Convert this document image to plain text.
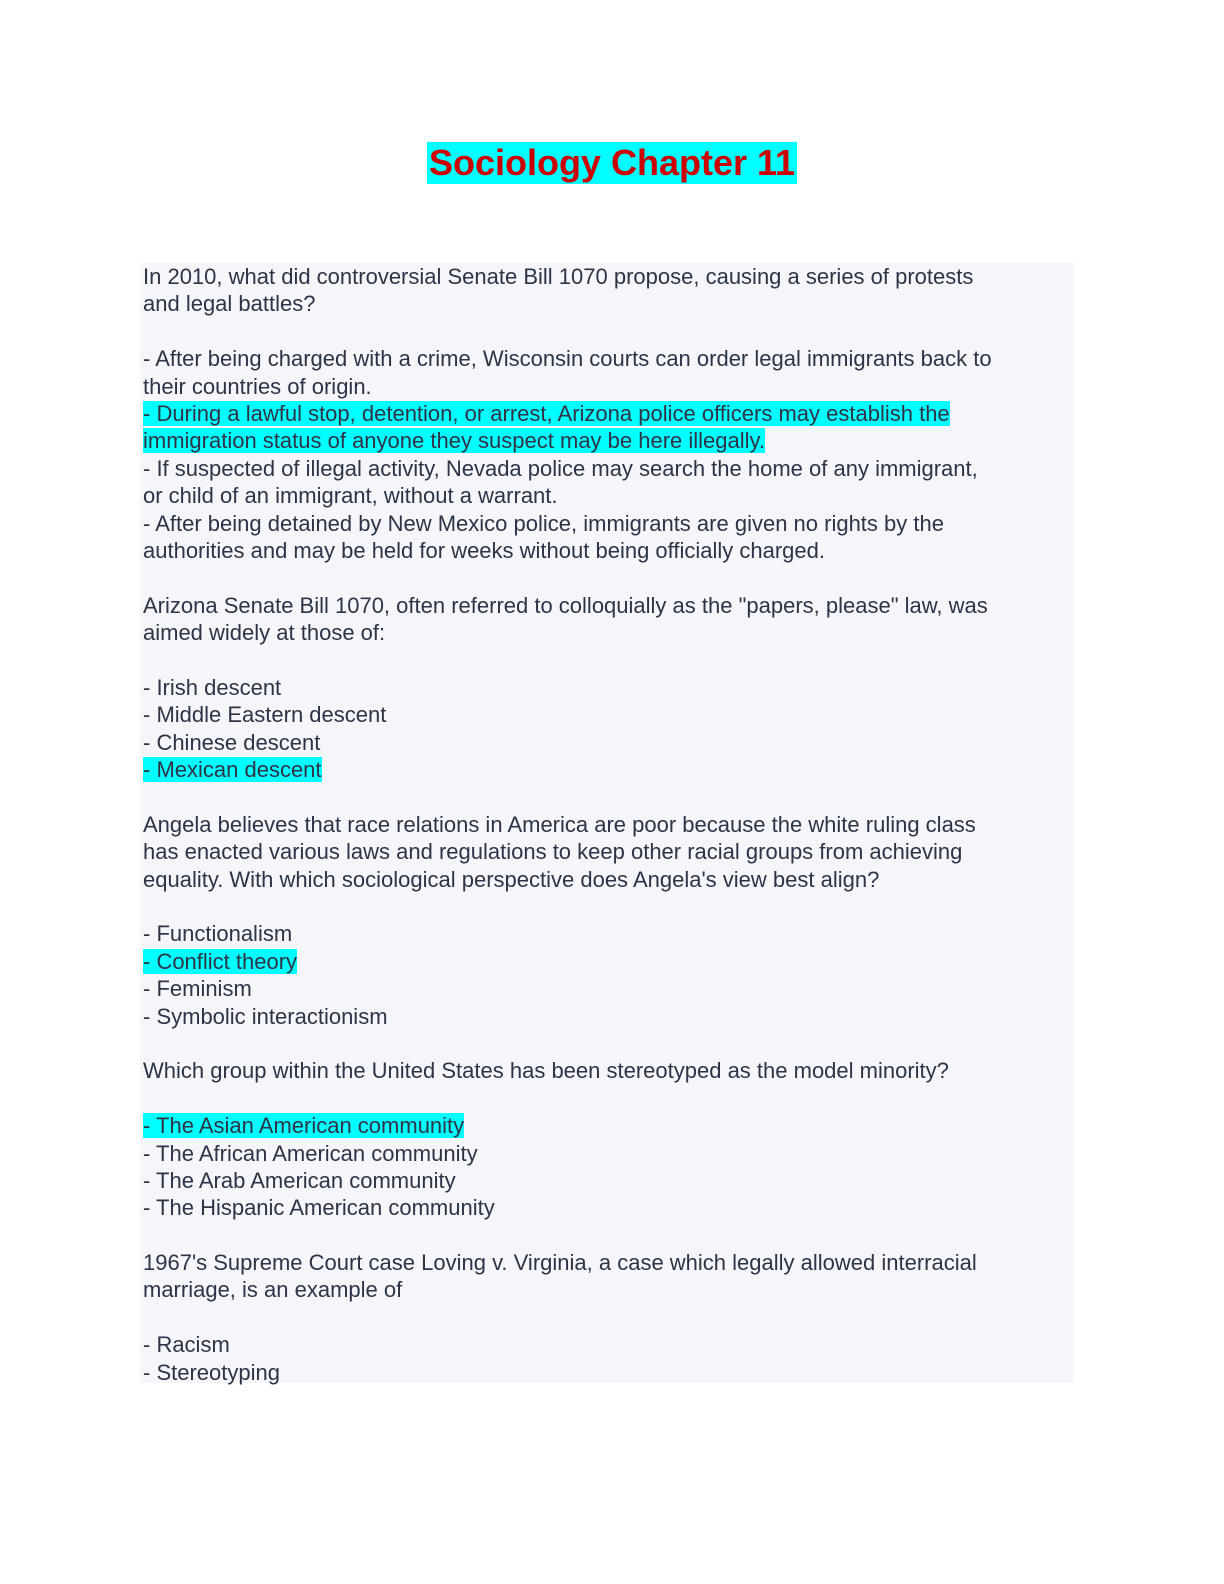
Sociology Chapter 11
In 2010, what did controversial Senate Bill 1070 propose, causing a series of protests
and legal battles?
- After being charged with a crime, Wisconsin courts can order legal immigrants back to
their countries of origin.
- During a lawful stop, detention, or arrest, Arizona police officers may establish the
immigration status of anyone they suspect may be here illegally.
- If suspected of illegal activity, Nevada police may search the home of any immigrant,
or child of an immigrant, without a warrant.
- After being detained by New Mexico police, immigrants are given no rights by the
authorities and may be held for weeks without being officially charged.
Arizona Senate Bill 1070, often referred to colloquially as the "papers, please" law, was
aimed widely at those of:
- Irish descent
- Middle Eastern descent
- Chinese descent
- Mexican descent
Angela believes that race relations in America are poor because the white ruling class
has enacted various laws and regulations to keep other racial groups from achieving
equality. With which sociological perspective does Angela's view best align?
- Functionalism
- Conflict theory
- Feminism
- Symbolic interactionism
Which group within the United States has been stereotyped as the model minority?
- The Asian American community
- The African American community
- The Arab American community
- The Hispanic American community
1967's Supreme Court case Loving v. Virginia, a case which legally allowed interracial
marriage, is an example of
- Racism
- Stereotyping
